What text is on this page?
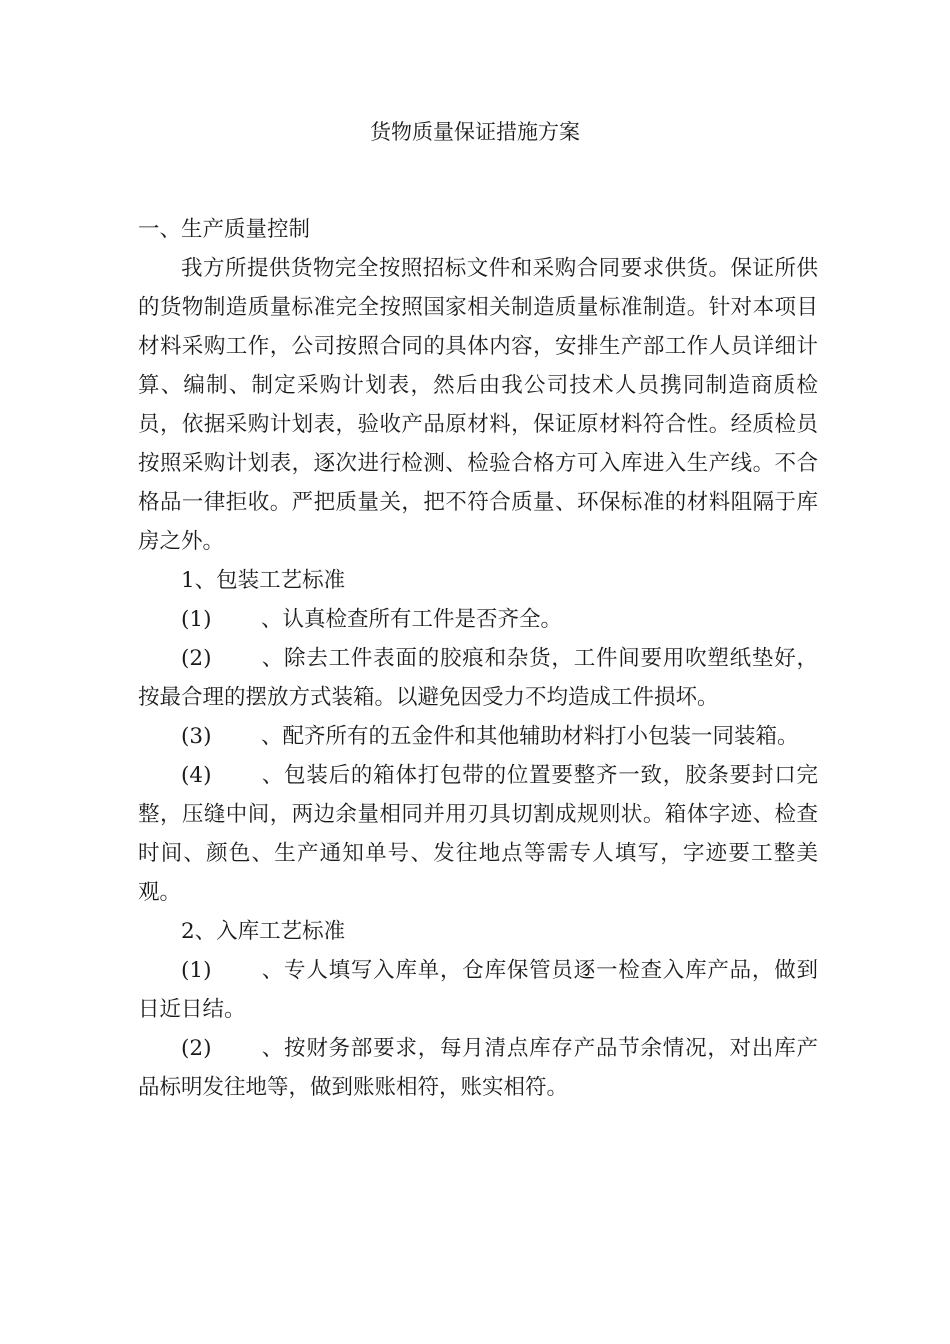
货物质量保证措施方案

一、生产质量控制

我方所提供货物完全按照招标文件和采购合同要求供货。保证所供的货物制造质量标准完全按照国家相关制造质量标准制造。针对本项目材料采购工作，公司按照合同的具体内容，安排生产部工作人员详细计算、编制、制定采购计划表，然后由我公司技术人员携同制造商质检员，依据采购计划表，验收产品原材料，保证原材料符合性。经质检员按照采购计划表，逐次进行检测、检验合格方可入库进入生产线。不合格品一律拒收。严把质量关，把不符合质量、环保标准的材料阻隔于库房之外。

1、包装工艺标准

(1) 、认真检查所有工件是否齐全。

(2) 、除去工件表面的胶痕和杂货，工件间要用吹塑纸垫好，按最合理的摆放方式装箱。以避免因受力不均造成工件损坏。

(3) 、配齐所有的五金件和其他辅助材料打小包装一同装箱。

(4) 、包装后的箱体打包带的位置要整齐一致，胶条要封口完整，压缝中间，两边余量相同并用刃具切割成规则状。箱体字迹、检查时间、颜色、生产通知单号、发往地点等需专人填写，字迹要工整美观。

2、入库工艺标准

(1) 、专人填写入库单，仓库保管员逐一检查入库产品，做到日近日结。

(2) 、按财务部要求，每月清点库存产品节余情况，对出库产品标明发往地等，做到账账相符，账实相符。
